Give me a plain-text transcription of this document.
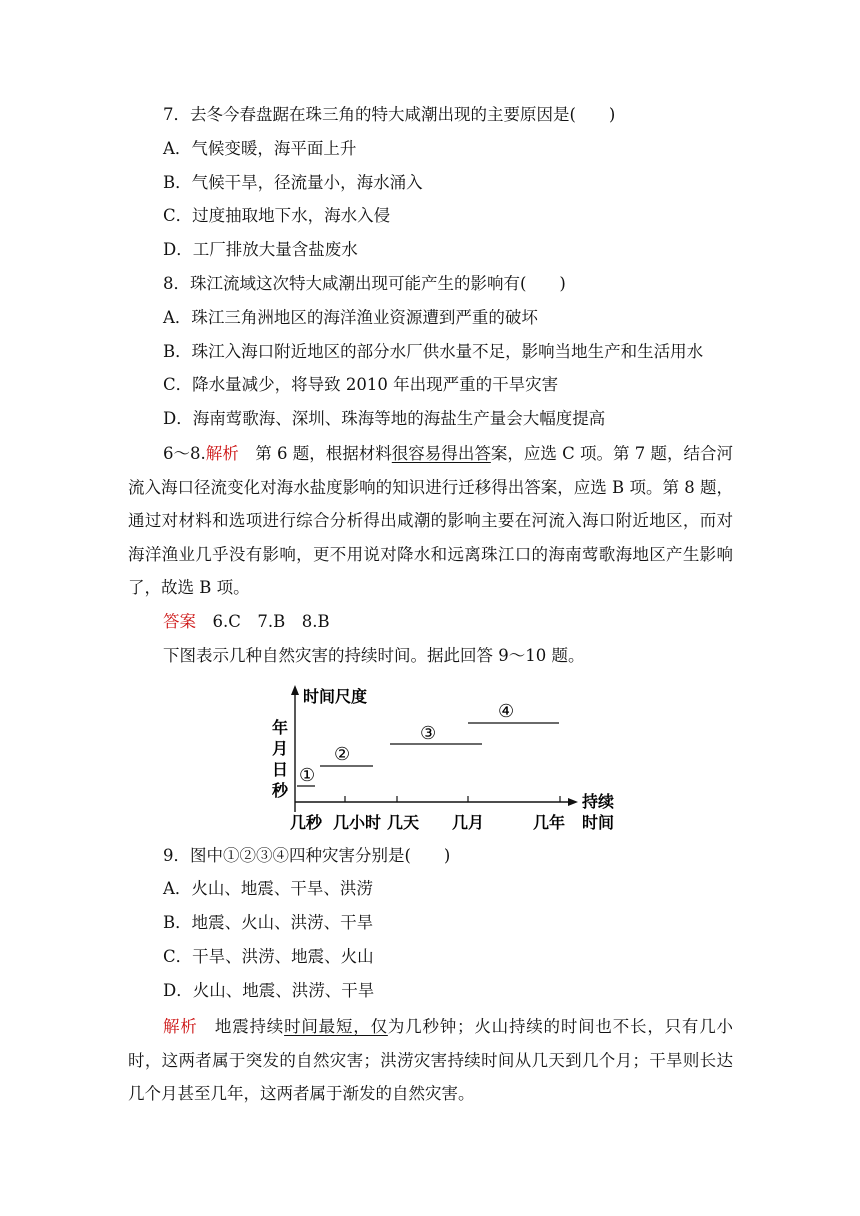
7．去冬今春盘踞在珠三角的特大咸潮出现的主要原因是(　　)
A．气候变暖，海平面上升
B．气候干旱，径流量小，海水涌入
C．过度抽取地下水，海水入侵
D．工厂排放大量含盐废水
8．珠江流域这次特大咸潮出现可能产生的影响有(　　)
A．珠江三角洲地区的海洋渔业资源遭到严重的破坏
B．珠江入海口附近地区的部分水厂供水量不足，影响当地生产和生活用水
C．降水量减少，将导致 2010 年出现严重的干旱灾害
D．海南莺歌海、深圳、珠海等地的海盐生产量会大幅度提高
6～8.解析　第 6 题，根据材料很容易得出答案，应选 C 项。第 7 题，结合河流入海口径流变化对海水盐度影响的知识进行迁移得出答案，应选 B 项。第 8 题，通过对材料和选项进行综合分析得出咸潮的影响主要在河流入海口附近地区，而对海洋渔业几乎没有影响，更不用说对降水和远离珠江口的海南莺歌海地区产生影响了，故选 B 项。
答案　6.C　7.B　8.B
下图表示几种自然灾害的持续时间。据此回答 9～10 题。
时间尺度
年
月
日
秒
持续
时间
几秒 几小时 几天 几月	几年
①
②
③
④
9．图中①②③④四种灾害分别是(　　)
A．火山、地震、干旱、洪涝
B．地震、火山、洪涝、干旱
C．干旱、洪涝、地震、火山
D．火山、地震、洪涝、干旱
解析　地震持续时间最短，仅为几秒钟；火山持续的时间也不长，只有几小时，这两者属于突发的自然灾害；洪涝灾害持续时间从几天到几个月；干旱则长达几个月甚至几年，这两者属于渐发的自然灾害。
